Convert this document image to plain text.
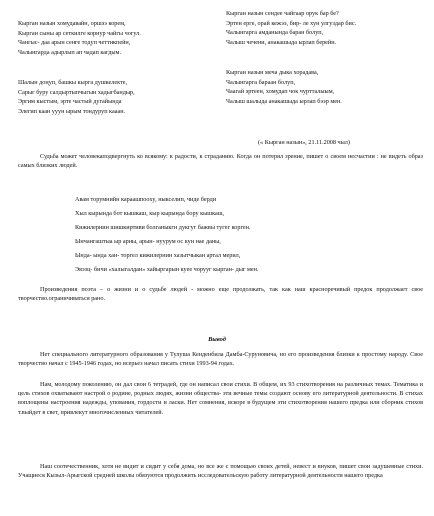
Кырган назын хомудавайн, оршээ корем,
Кырган сыны ар сеткилге корнур чайгы чогул.
Чангыс- даа арын сенге тодуп четтикпейн,
Чалынгарда адырлып ап чадап кагдым.
Шалын доңуп, башкы кырга душкелекте,
Сарыг буру салдыртыпчыгын хадыгбандыр,
Эргим кыстым, эрте частый дугайында
Элегип каан ууун ырым тондуруп кааан.
Кырган назын сендее чайгаар орук бар бе?
Эртен ерге, орай кежээ, бир- ле хун улгуздар бис.
Чалынгарга амданында баран болуп,
Чалыш чечени, анакашыда ырлап берейн.
Кырган назын меча дыка хорадава,
Чалынгарга бараан болуп,
Чаагай эртеен, хомудап чок чуртталыым,
Чалыш шалыда анакашыда ырлап бээр мен.
(« Кырган назын», 21.11.2008 чыл)
Судьба может человекаподвергнуть ко всякому: к радости, к страданию. Когда он потерял зрение, пишет о своем несчастии : не видеть образ самых близких людей.
Авам торумнийн караашпоохy, ныкселип, чиде берди
Хыл кырында бот кышкаш, кыр кырында бору кышкаш,
Кижилернин шишкиртиви болганыкгн дукгуг бажвы тугег корген.
Ынчангаштыа ыр арны, арын- нуурум ос кун нае даны,
Ында- ында хан- торгел кижилернин хазытчыкан артал мерил,
Эвэзц- бичи «халыгалдан» хайыргарын куee чорууг кырган- дыг мен.
Произведения поэта – о жизни и о судьбе людей - можно еще продолжать, так как наш красноречивый предок продолжает свое творчество.ограничиваться рано.
Вывод
Нет специального литературного образования у Тулуша Кенденбила Дамба-Суруновича, но его произведения близки к простому народу. Свое творчество начал с 1945-1946 годах, но всерьез начал писать стихи 1993-94 годах.
Нам, молодому поколению, он дал свои 6 тетрадей, где он написал свои стихи. В общем, их 93 стихотворения на различных темах. Тематика и цель стихов охватывают настрой о родине, родных людях, жизни общества- эти вечные темы создают основу его литературной деятельности. В стихах воплощены настроения надежды, упования, гордости и ласки. Нет сомнения, вскоре в будущем эти стихотворения нашего предка или сборник стихов т.выйдет в свет, привлекут многочисленных читателей.
Наш соотечественник, хотя не видит и сидит у себя дома, но все же с помощью своих детей, невест и внуков, пишет свои задушевные стихи. Учащиеся Кызыл-Арыгской средней школы обязуются продолжить исследовательскую работу литературной деятельности нашего предка
